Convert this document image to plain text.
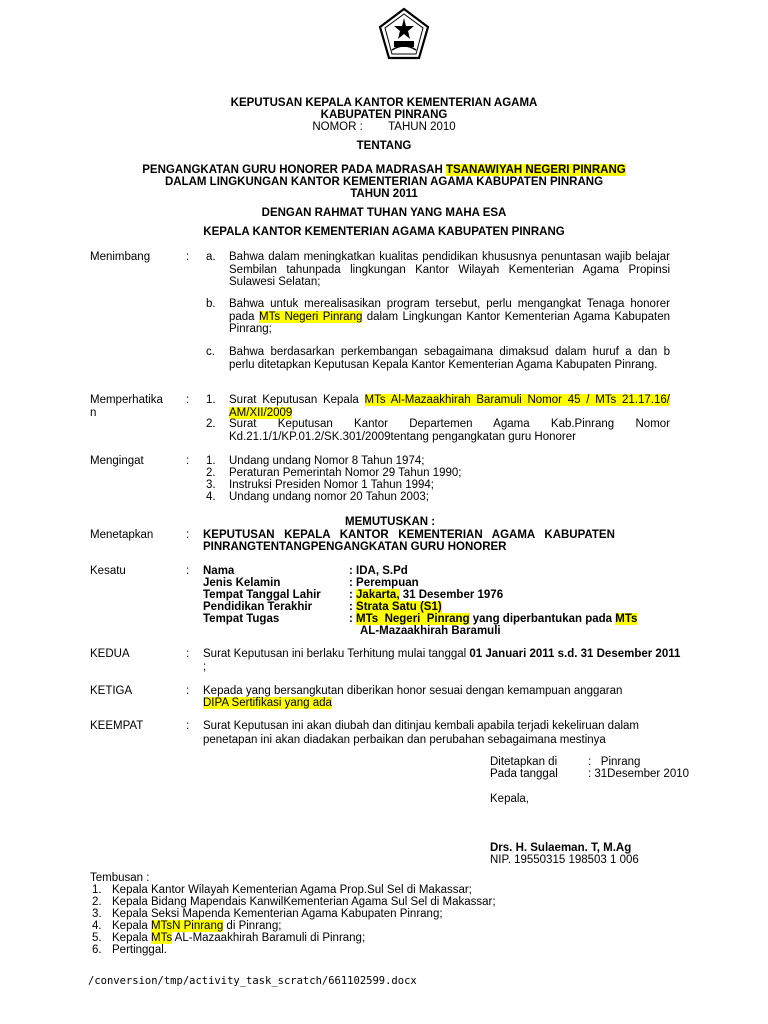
KEPUTUSAN KEPALA KANTOR KEMENTERIAN AGAMA
KABUPATEN PINRANG
NOMOR :        TAHUN 2010
TENTANG
PENGANGKATAN GURU HONORER PADA MADRASAH TSANAWIYAH NEGERI PINRANG
DALAM LINGKUNGAN KANTOR KEMENTERIAN AGAMA KABUPATEN PINRANG
TAHUN 2011
DENGAN RAHMAT TUHAN YANG MAHA ESA
KEPALA KANTOR KEMENTERIAN AGAMA KABUPATEN PINRANG
Menimbang	: a. Bahwa dalam meningkatkan kualitas pendidikan khususnya penuntasan wajib belajar Sembilan tahunpada lingkungan Kantor Wilayah Kementerian Agama Propinsi Sulawesi Selatan;
b. Bahwa untuk merealisasikan program tersebut, perlu mengangkat Tenaga honorer pada MTs Negeri Pinrang dalam Lingkungan Kantor Kementerian Agama Kabupaten Pinrang;
c. Bahwa berdasarkan perkembangan sebagaimana dimaksud dalam huruf a dan b perlu ditetapkan Keputusan Kepala Kantor Kementerian Agama Kabupaten Pinrang.
Memperhatika
n
: 1. Surat Keputusan Kepala MTs Al-Mazaakhirah Baramuli Nomor 45 / MTs 21.17.16/ AM/XII/2009
2. Surat Keputusan Kantor Departemen Agama Kab.Pinrang Nomor Kd.21.1/1/KP.01.2/SK.301/2009tentang pengangkatan guru Honorer
Mengingat	: 1. Undang undang Nomor 8 Tahun 1974;
2. Peraturan Pemerintah Nomor 29 Tahun 1990;
3. Instruksi Presiden Nomor 1 Tahun 1994;
4. Undang undang nomor 20 Tahun 2003;
MEMUTUSKAN :
Menetapkan	: KEPUTUSAN   KEPALA   KANTOR   KEMENTERIAN   AGAMA   KABUPATEN
PINRANGTENTANGPENGANGKATAN GURU HONORER
Kesatu	: Nama	: IDA, S.Pd
Jenis Kelamin	: Perempuan
Tempat Tanggal Lahir : Jakarta, 31 Desember 1976
Pendidikan Terakhir	: Strata Satu (S1)
Tempat Tugas	: MTs  Negeri  Pinrang yang diperbantukan pada MTs
AL-Mazaakhirah Baramuli
KEDUA	: Surat Keputusan ini berlaku Terhitung mulai tanggal 01 Januari 2011 s.d. 31 Desember 2011 ;
KETIGA	: Kepada yang bersangkutan diberikan honor sesuai dengan kemampuan anggaran
DIPA Sertifikasi yang ada
KEEMPAT	: Surat Keputusan ini akan diubah dan ditinjau kembali apabila terjadi kekeliruan dalam
penetapan ini akan diadakan perbaikan dan perubahan sebagaimana mestinya
Ditetapkan di	:   Pinrang
Pada tanggal	: 31Desember 2010
Kepala,
Drs. H. Sulaeman. T, M.Ag
NIP. 19550315 198503 1 006
Tembusan :
1. Kepala Kantor Wilayah Kementerian Agama Prop.Sul Sel di Makassar;
2. Kepala Bidang Mapendais KanwilKementerian Agama Sul Sel di Makassar;
3. Kepala Seksi Mapenda Kementerian Agama Kabupaten Pinrang;
4. Kepala MTsN Pinrang di Pinrang;
5. Kepala MTs AL-Mazaakhirah Baramuli di Pinrang;
6. Pertinggal.
/conversion/tmp/activity_task_scratch/661102599.docx
